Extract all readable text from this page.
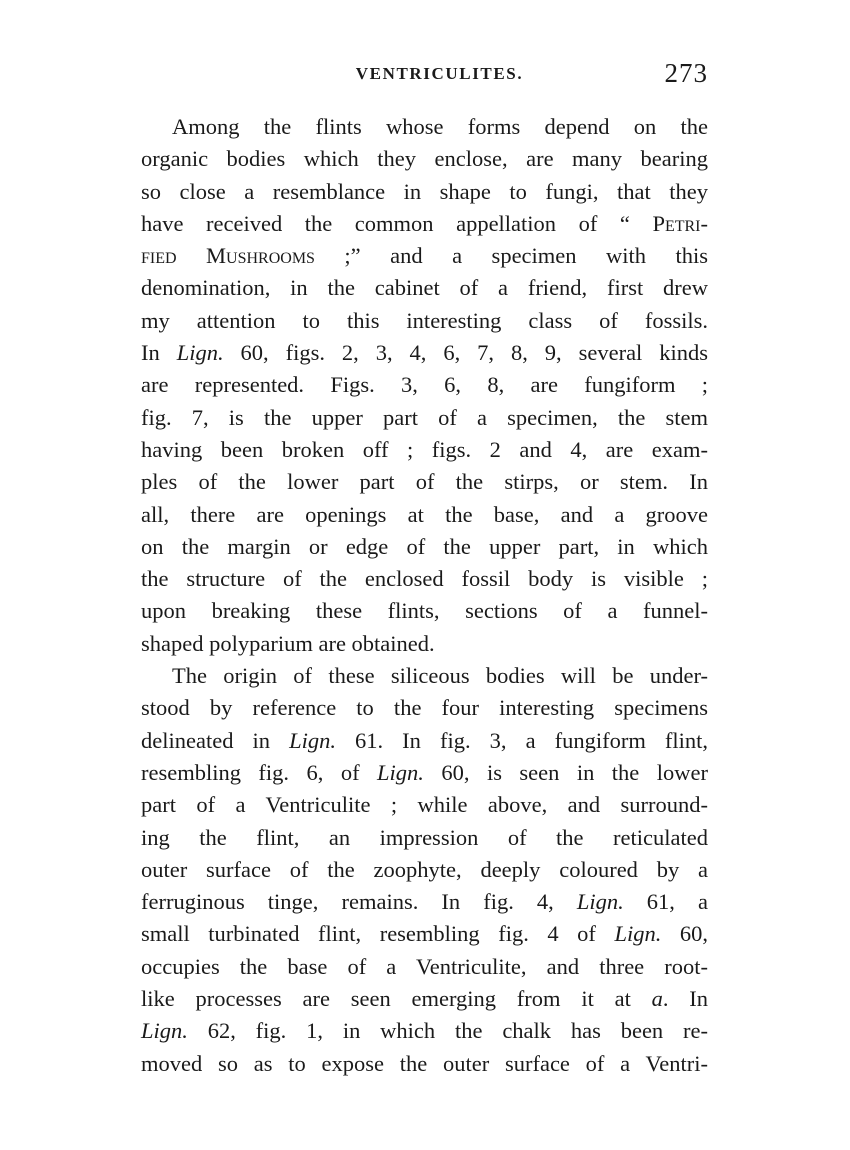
VENTRICULITES.	273
Among the flints whose forms depend on the
organic bodies which they enclose, are many bearing
so close a resemblance in shape to fungi, that they
have received the common appellation of “ Petri-
fied Mushrooms ;” and a specimen with this
denomination, in the cabinet of a friend, first drew
my attention to this interesting class of fossils.
In Lign. 60, figs. 2, 3, 4, 6, 7, 8, 9, several kinds
are represented. Figs. 3, 6, 8, are fungiform ;
fig. 7, is the upper part of a specimen, the stem
having been broken off ; figs. 2 and 4, are exam-
ples of the lower part of the stirps, or stem. In
all, there are openings at the base, and a groove
on the margin or edge of the upper part, in which
the structure of the enclosed fossil body is visible ;
upon breaking these flints, sections of a funnel-
shaped polyparium are obtained.
The origin of these siliceous bodies will be under-
stood by reference to the four interesting specimens
delineated in Lign. 61. In fig. 3, a fungiform flint,
resembling fig. 6, of Lign. 60, is seen in the lower
part of a Ventriculite ; while above, and surround-
ing the flint, an impression of the reticulated
outer surface of the zoophyte, deeply coloured by a
ferruginous tinge, remains. In fig. 4, Lign. 61, a
small turbinated flint, resembling fig. 4 of Lign. 60,
occupies the base of a Ventriculite, and three root-
like processes are seen emerging from it at a. In
Lign. 62, fig. 1, in which the chalk has been re-
moved so as to expose the outer surface of a Ventri-
